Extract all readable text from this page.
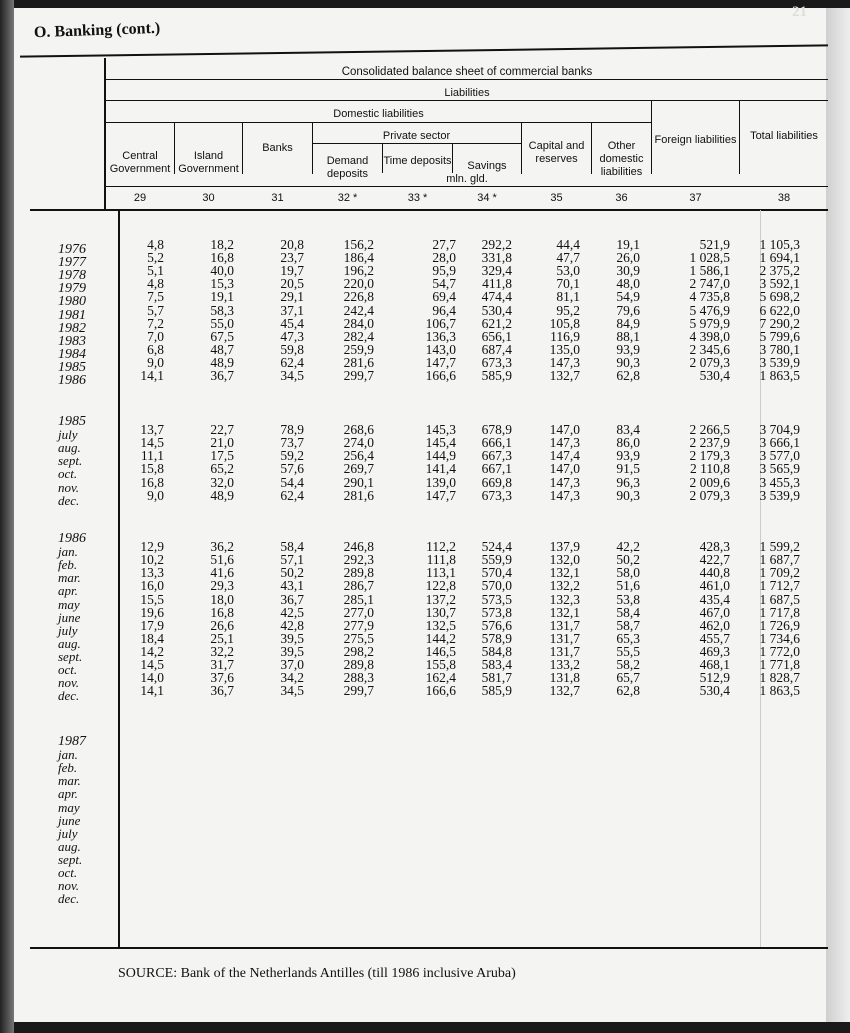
21
O. Banking (cont.)
Consolidated balance sheet of commercial banks
Liabilities
Domestic liabilities
Private sector
Central Government
Island Government
Banks
Demand deposits
Time deposits	Savings
Capital and reserves
Other domestic liabilities
Foreign liabilities	Total liabilities
mln. gld.
29	30	31	32 *	33 *	34 *	35	36	37	38
1976	4,8	18,2	20,8	156,2	27,7	292,2	44,4	19,1	521,9	1 105,3
1977	5,2	16,8	23,7	186,4	28,0	331,8	47,7	26,0	1 028,5	1 694,1
1978	5,1	40,0	19,7	196,2	95,9	329,4	53,0	30,9	1 586,1	2 375,2
1979	4,8	15,3	20,5	220,0	54,7	411,8	70,1	48,0	2 747,0	3 592,1
1980	7,5	19,1	29,1	226,8	69,4	474,4	81,1	54,9	4 735,8	5 698,2
1981	5,7	58,3	37,1	242,4	96,4	530,4	95,2	79,6	5 476,9	6 622,0
1982	7,2	55,0	45,4	284,0	106,7	621,2	105,8	84,9	5 979,9	7 290,2
1983	7,0	67,5	47,3	282,4	136,3	656,1	116,9	88,1	4 398,0	5 799,6
1984	6,8	48,7	59,8	259,9	143,0	687,4	135,0	93,9	2 345,6	3 780,1
1985	9,0	48,9	62,4	281,6	147,7	673,3	147,3	90,3	2 079,3	3 539,9
1986	14,1	36,7	34,5	299,7	166,6	585,9	132,7	62,8	530,4	1 863,5
1985
july	13,7	22,7	78,9	268,6	145,3	678,9	147,0	83,4	2 266,5	3 704,9
aug.	14,5	21,0	73,7	274,0	145,4	666,1	147,3	86,0	2 237,9	3 666,1
sept.	11,1	17,5	59,2	256,4	144,9	667,3	147,4	93,9	2 179,3	3 577,0
oct.	15,8	65,2	57,6	269,7	141,4	667,1	147,0	91,5	2 110,8	3 565,9
nov.	16,8	32,0	54,4	290,1	139,0	669,8	147,3	96,3	2 009,6	3 455,3
dec.	9,0	48,9	62,4	281,6	147,7	673,3	147,3	90,3	2 079,3	3 539,9
1986
jan.	12,9	36,2	58,4	246,8	112,2	524,4	137,9	42,2	428,3	1 599,2
feb.	10,2	51,6	57,1	292,3	111,8	559,9	132,0	50,2	422,7	1 687,7
mar.	13,3	41,6	50,2	289,8	113,1	570,4	132,1	58,0	440,8	1 709,2
apr.	16,0	29,3	43,1	286,7	122,8	570,0	132,2	51,6	461,0	1 712,7
may	15,5	18,0	36,7	285,1	137,2	573,5	132,3	53,8	435,4	1 687,5
june	19,6	16,8	42,5	277,0	130,7	573,8	132,1	58,4	467,0	1 717,8
july	17,9	26,6	42,8	277,9	132,5	576,6	131,7	58,7	462,0	1 726,9
aug.	18,4	25,1	39,5	275,5	144,2	578,9	131,7	65,3	455,7	1 734,6
sept.	14,2	32,2	39,5	298,2	146,5	584,8	131,7	55,5	469,3	1 772,0
oct.	14,5	31,7	37,0	289,8	155,8	583,4	133,2	58,2	468,1	1 771,8
nov.	14,0	37,6	34,2	288,3	162,4	581,7	131,8	65,7	512,9	1 828,7
dec.	14,1	36,7	34,5	299,7	166,6	585,9	132,7	62,8	530,4	1 863,5
1987
jan.
feb.
mar.
apr.
may
june
july
aug.
sept.
oct.
nov.
dec.
SOURCE: Bank of the Netherlands Antilles (till 1986 inclusive Aruba)
